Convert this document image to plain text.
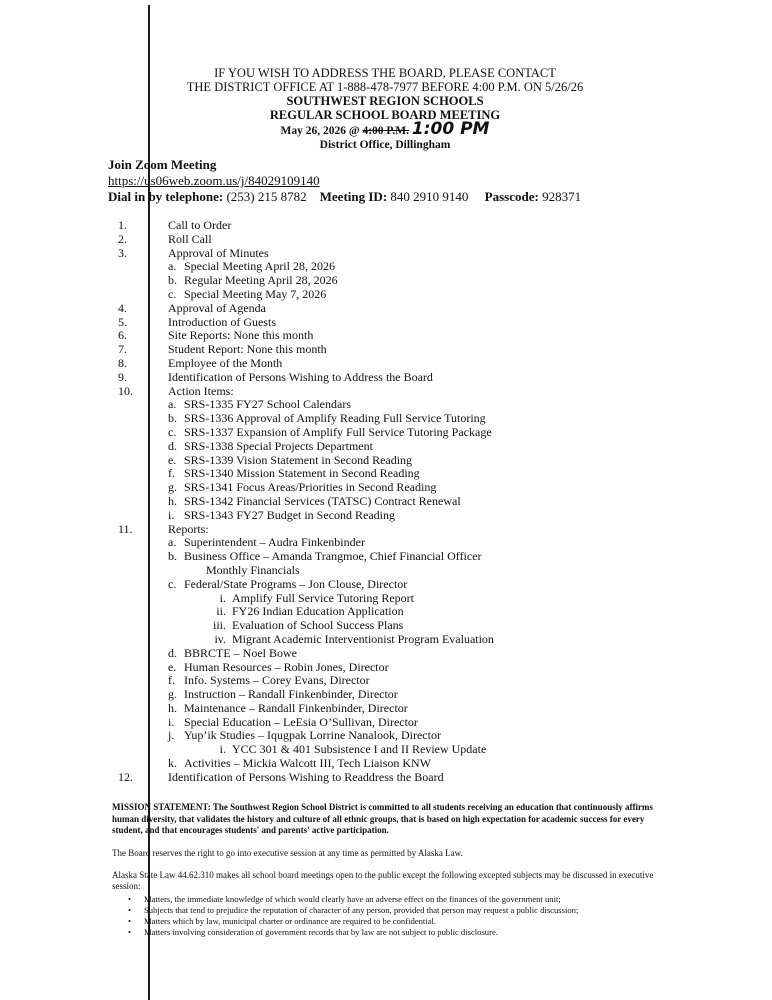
IF YOU WISH TO ADDRESS THE BOARD, PLEASE CONTACT
THE DISTRICT OFFICE AT 1-888-478-7977 BEFORE 4:00 P.M. ON 5/26/26
SOUTHWEST REGION SCHOOLS
REGULAR SCHOOL BOARD MEETING
May 26, 2026 @ 4:00 P.M. 1:00 PM
District Office, Dillingham
Join Zoom Meeting
https://us06web.zoom.us/j/84029109140
Dial in by telephone: (253) 215 8782 Meeting ID: 840 2910 9140 Passcode: 928371
1.	Call to Order
2.	Roll Call
3.	Approval of Minutes
a. Special Meeting April 28, 2026
b. Regular Meeting April 28, 2026
c. Special Meeting May 7, 2026
4.	Approval of Agenda
5.	Introduction of Guests
6.	Site Reports: None this month
7.	Student Report: None this month
8.	Employee of the Month
9.	Identification of Persons Wishing to Address the Board
10.	Action Items:
a. SRS-1335 FY27 School Calendars
b. SRS-1336 Approval of Amplify Reading Full Service Tutoring
c. SRS-1337 Expansion of Amplify Full Service Tutoring Package
d. SRS-1338 Special Projects Department
e. SRS-1339 Vision Statement in Second Reading
f. SRS-1340 Mission Statement in Second Reading
g. SRS-1341 Focus Areas/Priorities in Second Reading
h. SRS-1342 Financial Services (TATSC) Contract Renewal
i. SRS-1343 FY27 Budget in Second Reading
11.	Reports:
a. Superintendent – Audra Finkenbinder
b. Business Office – Amanda Trangmoe, Chief Financial Officer
Monthly Financials
c. Federal/State Programs – Jon Clouse, Director
i. Amplify Full Service Tutoring Report
ii. FY26 Indian Education Application
iii. Evaluation of School Success Plans
iv. Migrant Academic Interventionist Program Evaluation
d. BBRCTE – Noel Bowe
e. Human Resources – Robin Jones, Director
f. Info. Systems – Corey Evans, Director
g. Instruction – Randall Finkenbinder, Director
h. Maintenance – Randall Finkenbinder, Director
i. Special Education – LeEsia O’Sullivan, Director
j. Yup’ik Studies – Iqugpak Lorrine Nanalook, Director
i. YCC 301 & 401 Subsistence I and II Review Update
k. Activities – Mickia Walcott III, Tech Liaison KNW
12.	Identification of Persons Wishing to Readdress the Board
MISSION STATEMENT: The Southwest Region School District is committed to all students receiving an education that continuously affirms human diversity, that validates the history and culture of all ethnic groups, that is based on high expectation for academic success for every student, and that encourages students' and parents' active participation.
The Board reserves the right to go into executive session at any time as permitted by Alaska Law.
Alaska State Law 44.62.310 makes all school board meetings open to the public except the following excepted subjects may be discussed in executive session:
• Matters, the immediate knowledge of which would clearly have an adverse effect on the finances of the government unit;
• Subjects that tend to prejudice the reputation of character of any person, provided that person may request a public discussion;
• Matters which by law, municipal charter or ordinance are required to be confidential.
• Matters involving consideration of government records that by law are not subject to public disclosure.
